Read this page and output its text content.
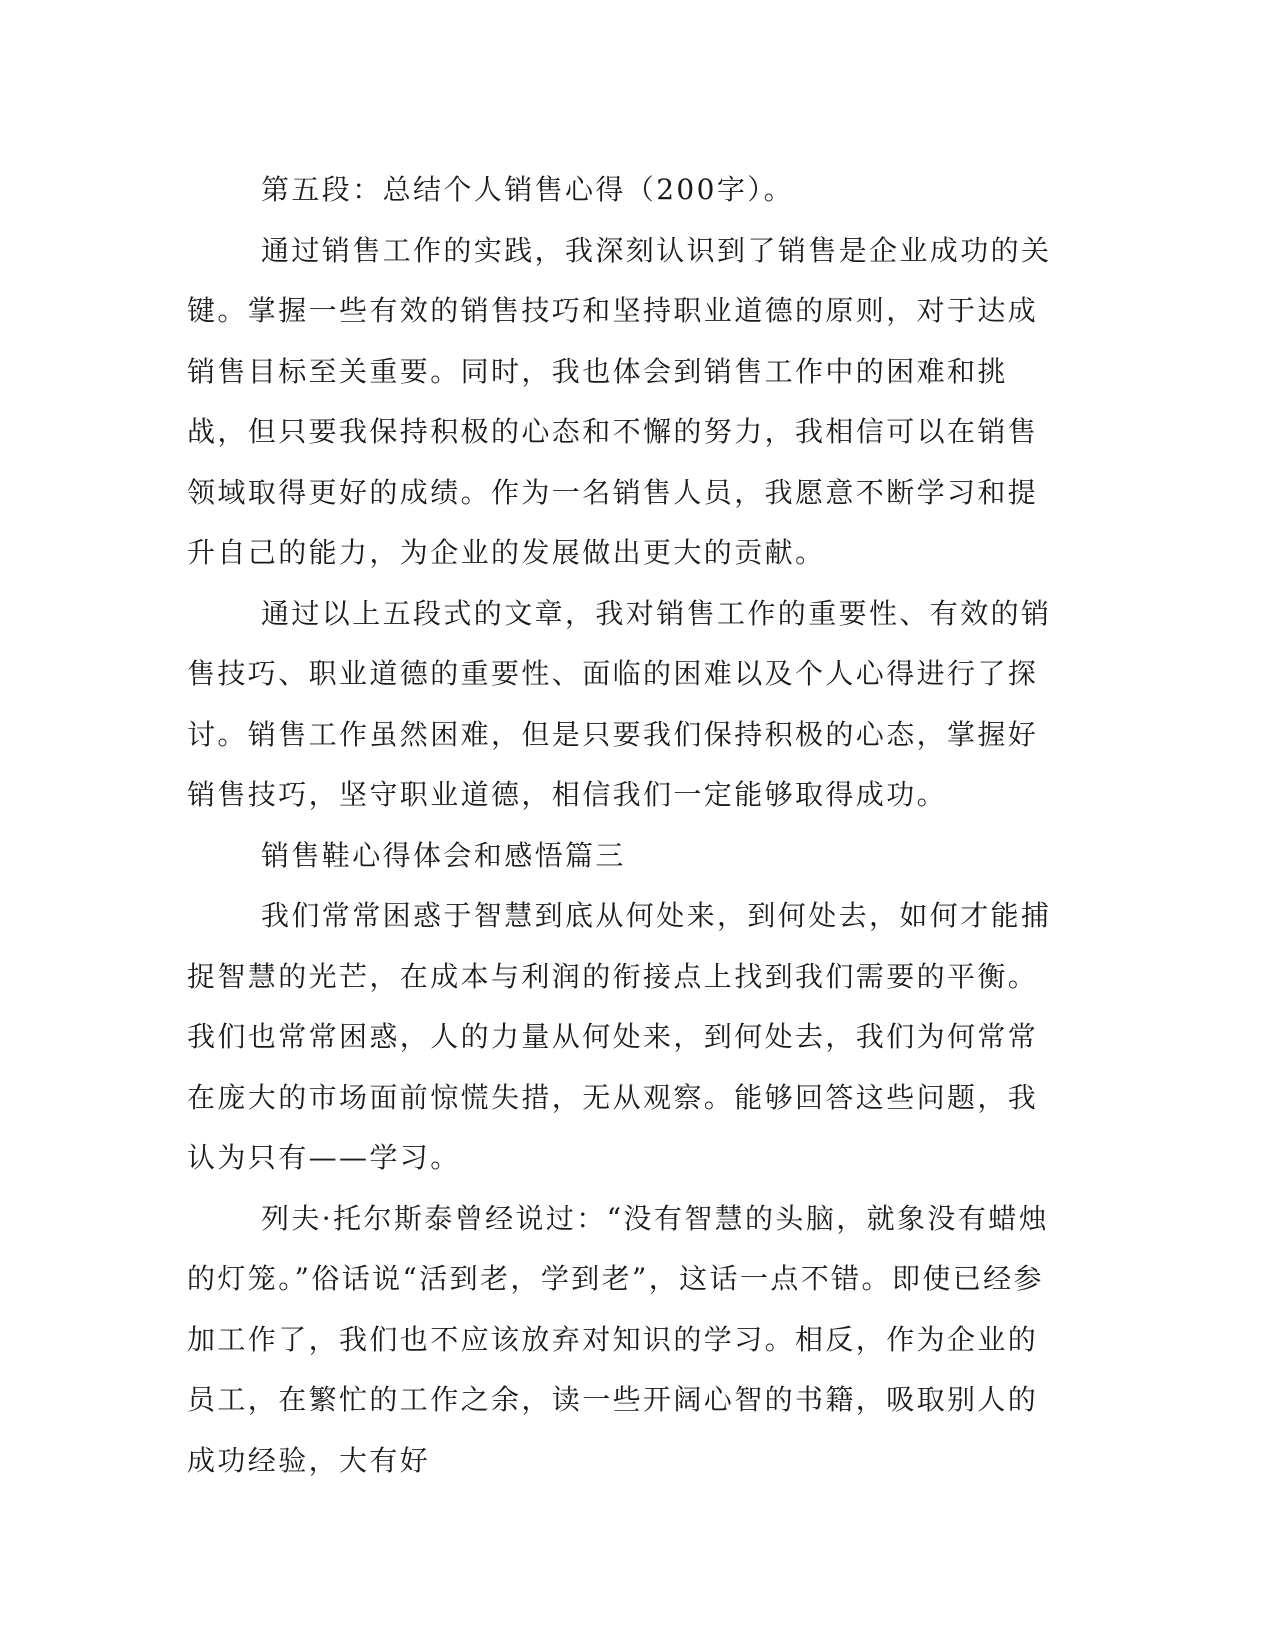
第五段：总结个人销售心得（200字）。

通过销售工作的实践，我深刻认识到了销售是企业成功的关键。掌握一些有效的销售技巧和坚持职业道德的原则，对于达成销售目标至关重要。同时，我也体会到销售工作中的困难和挑战，但只要我保持积极的心态和不懈的努力，我相信可以在销售领域取得更好的成绩。作为一名销售人员，我愿意不断学习和提升自己的能力，为企业的发展做出更大的贡献。

通过以上五段式的文章，我对销售工作的重要性、有效的销售技巧、职业道德的重要性、面临的困难以及个人心得进行了探讨。销售工作虽然困难，但是只要我们保持积极的心态，掌握好销售技巧，坚守职业道德，相信我们一定能够取得成功。

销售鞋心得体会和感悟篇三

我们常常困惑于智慧到底从何处来，到何处去，如何才能捕捉智慧的光芒，在成本与利润的衔接点上找到我们需要的平衡。我们也常常困惑，人的力量从何处来，到何处去，我们为何常常在庞大的市场面前惊慌失措，无从观察。能够回答这些问题，我认为只有——学习。

列夫·托尔斯泰曾经说过：“没有智慧的头脑，就象没有蜡烛的灯笼。”俗话说“活到老，学到老”，这话一点不错。即使已经参加工作了，我们也不应该放弃对知识的学习。相反，作为企业的员工，在繁忙的工作之余，读一些开阔心智的书籍，吸取别人的成功经验，大有好
